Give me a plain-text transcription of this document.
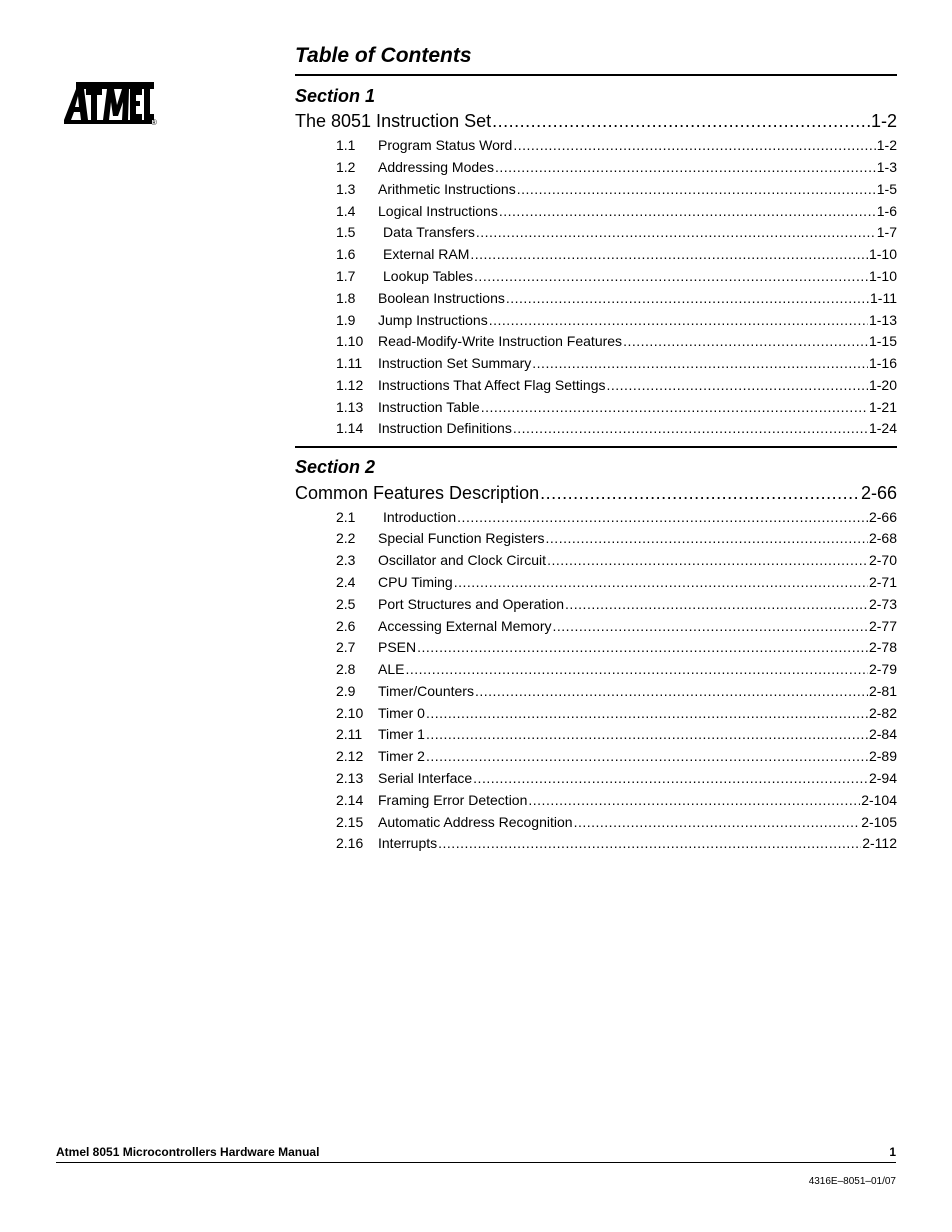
®
Table of Contents
Section 1
The 8051 Instruction Set .....	1-2
1.1	Program Status Word .....	1-2
1.2	Addressing Modes .....	1-3
1.3	Arithmetic Instructions .....	1-5
1.4	Logical Instructions .....	1-6
1.5	Data Transfers .....	1-7
1.6	External RAM .....	1-10
1.7	Lookup Tables .....	1-10
1.8	Boolean Instructions .....	1-11
1.9	Jump Instructions .....	1-13
1.10	Read-Modify-Write Instruction Features .....	1-15
1.11	Instruction Set Summary .....	1-16
1.12	Instructions That Affect Flag Settings .....	1-20
1.13	Instruction Table .....	1-21
1.14	Instruction Definitions .....	1-24
Section 2
Common Features Description .....	2-66
2.1	Introduction .....	2-66
2.2	Special Function Registers .....	2-68
2.3	Oscillator and Clock Circuit .....	2-70
2.4	CPU Timing .....	2-71
2.5	Port Structures and Operation .....	2-73
2.6	Accessing External Memory .....	2-77
2.7	PSEN .....	2-78
2.8	ALE .....	2-79
2.9	Timer/Counters .....	2-81
2.10	Timer 0 .....	2-82
2.11	Timer 1 .....	2-84
2.12	Timer 2 .....	2-89
2.13	Serial Interface .....	2-94
2.14	Framing Error Detection .....	2-104
2.15	Automatic Address Recognition .....	2-105
2.16	Interrupts .....	2-112
Atmel 8051 Microcontrollers Hardware Manual	1
4316E–8051–01/07
